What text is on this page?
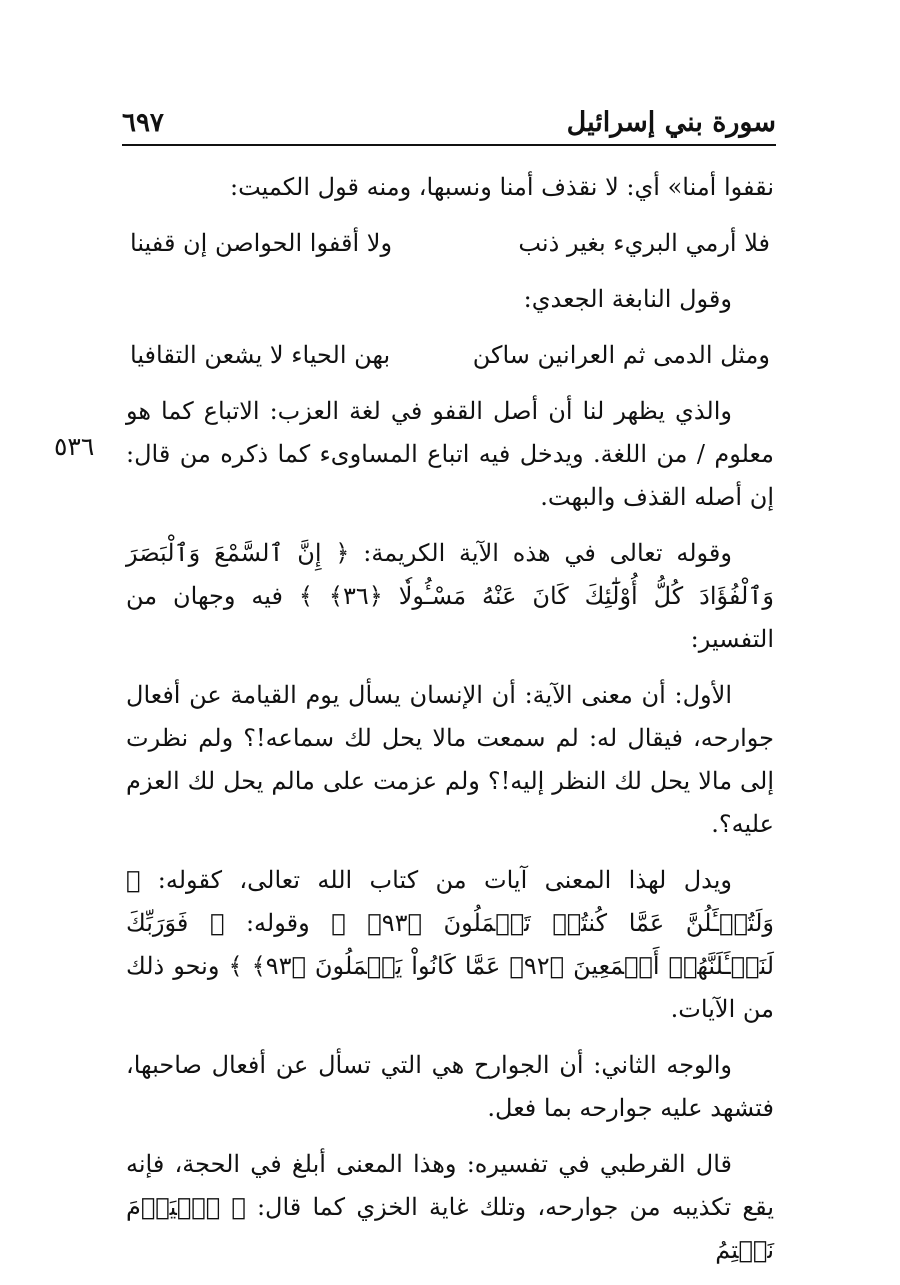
سورة بني إسرائيل
٦٩٧
٥٣٦

نقفوا أمنا» أي: لا نقذف أمنا ونسبها، ومنه قول الكميت:

فلا أرمي البريء بغير ذنب
ولا أقفوا الحواصن إن قفينا

وقول النابغة الجعدي:

ومثل الدمى ثم العرانين ساكن
بهن الحياء لا يشعن التقافيا

والذي يظهر لنا أن أصل القفو في لغة العزب: الاتباع كما هو معلوم / من اللغة. ويدخل فيه اتباع المساوىء كما ذكره من قال: إن أصله القذف والبهت.

وقوله تعالى في هذه الآية الكريمة: ﴿ إِنَّ ٱلسَّمْعَ وَٱلْبَصَرَ وَٱلْفُؤَادَ كُلُّ أُوْلَٰٓئِكَ كَانَ عَنْهُ مَسْـُٔولٗا ﴿٣٦﴾ ﴾ فيه وجهان من التفسير:

الأول: أن معنى الآية: أن الإنسان يسأل يوم القيامة عن أفعال جوارحه، فيقال له: لم سمعت مالا يحل لك سماعه!؟ ولم نظرت إلى مالا يحل لك النظر إليه!؟ ولم عزمت على مالم يحل لك العزم عليه؟.

ويدل لهذا المعنى آيات من كتاب الله تعالى، كقوله: ﴿ وَلَتُسۡـَٔلُنَّ عَمَّا كُنتُمۡ تَعۡمَلُونَ ﴿٩٣﴾ ﴾ وقوله: ﴿ فَوَرَبِّكَ لَنَسۡـَٔلَنَّهُمۡ أَجۡمَعِينَ ﴿٩٢﴾ عَمَّا كَانُواْ يَعۡمَلُونَ ﴿٩٣﴾ ﴾ ونحو ذلك من الآيات.

والوجه الثاني: أن الجوارح هي التي تسأل عن أفعال صاحبها، فتشهد عليه جوارحه بما فعل.

قال القرطبي في تفسيره: وهذا المعنى أبلغ في الحجة، فإنه يقع تكذيبه من جوارحه، وتلك غاية الخزي كما قال: ﴿ ٱلۡيَوۡمَ نَخۡتِمُ
